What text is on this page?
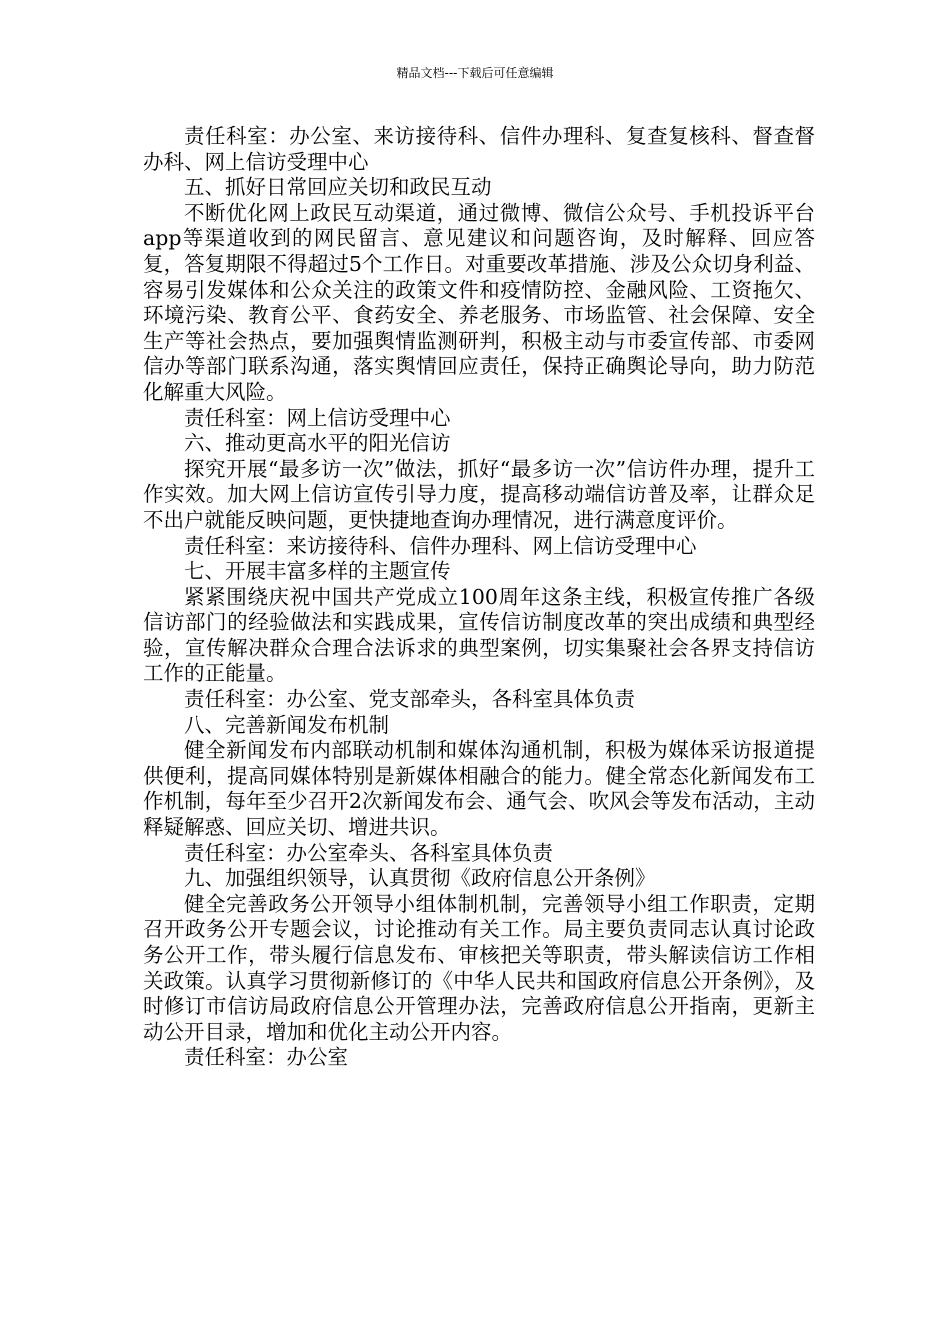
精品文档---下载后可任意编辑

责任科室：办公室、来访接待科、信件办理科、复查复核科、督查督办科、网上信访受理中心

五、抓好日常回应关切和政民互动

不断优化网上政民互动渠道，通过微博、微信公众号、手机投诉平台app等渠道收到的网民留言、意见建议和问题咨询，及时解释、回应答复，答复期限不得超过5个工作日。对重要改革措施、涉及公众切身利益、容易引发媒体和公众关注的政策文件和疫情防控、金融风险、工资拖欠、环境污染、教育公平、食药安全、养老服务、市场监管、社会保障、安全生产等社会热点，要加强舆情监测研判，积极主动与市委宣传部、市委网信办等部门联系沟通，落实舆情回应责任，保持正确舆论导向，助力防范化解重大风险。

责任科室：网上信访受理中心

六、推动更高水平的阳光信访

探究开展“最多访一次”做法，抓好“最多访一次”信访件办理，提升工作实效。加大网上信访宣传引导力度，提高移动端信访普及率，让群众足不出户就能反映问题，更快捷地查询办理情况，进行满意度评价。

责任科室：来访接待科、信件办理科、网上信访受理中心

七、开展丰富多样的主题宣传

紧紧围绕庆祝中国共产党成立100周年这条主线，积极宣传推广各级信访部门的经验做法和实践成果，宣传信访制度改革的突出成绩和典型经验，宣传解决群众合理合法诉求的典型案例，切实集聚社会各界支持信访工作的正能量。

责任科室：办公室、党支部牵头，各科室具体负责

八、完善新闻发布机制

健全新闻发布内部联动机制和媒体沟通机制，积极为媒体采访报道提供便利，提高同媒体特别是新媒体相融合的能力。健全常态化新闻发布工作机制，每年至少召开2次新闻发布会、通气会、吹风会等发布活动，主动释疑解惑、回应关切、增进共识。

责任科室：办公室牵头、各科室具体负责

九、加强组织领导，认真贯彻《政府信息公开条例》

健全完善政务公开领导小组体制机制，完善领导小组工作职责，定期召开政务公开专题会议，讨论推动有关工作。局主要负责同志认真讨论政务公开工作，带头履行信息发布、审核把关等职责，带头解读信访工作相关政策。认真学习贯彻新修订的《中华人民共和国政府信息公开条例》，及时修订市信访局政府信息公开管理办法，完善政府信息公开指南，更新主动公开目录，增加和优化主动公开内容。

责任科室：办公室
